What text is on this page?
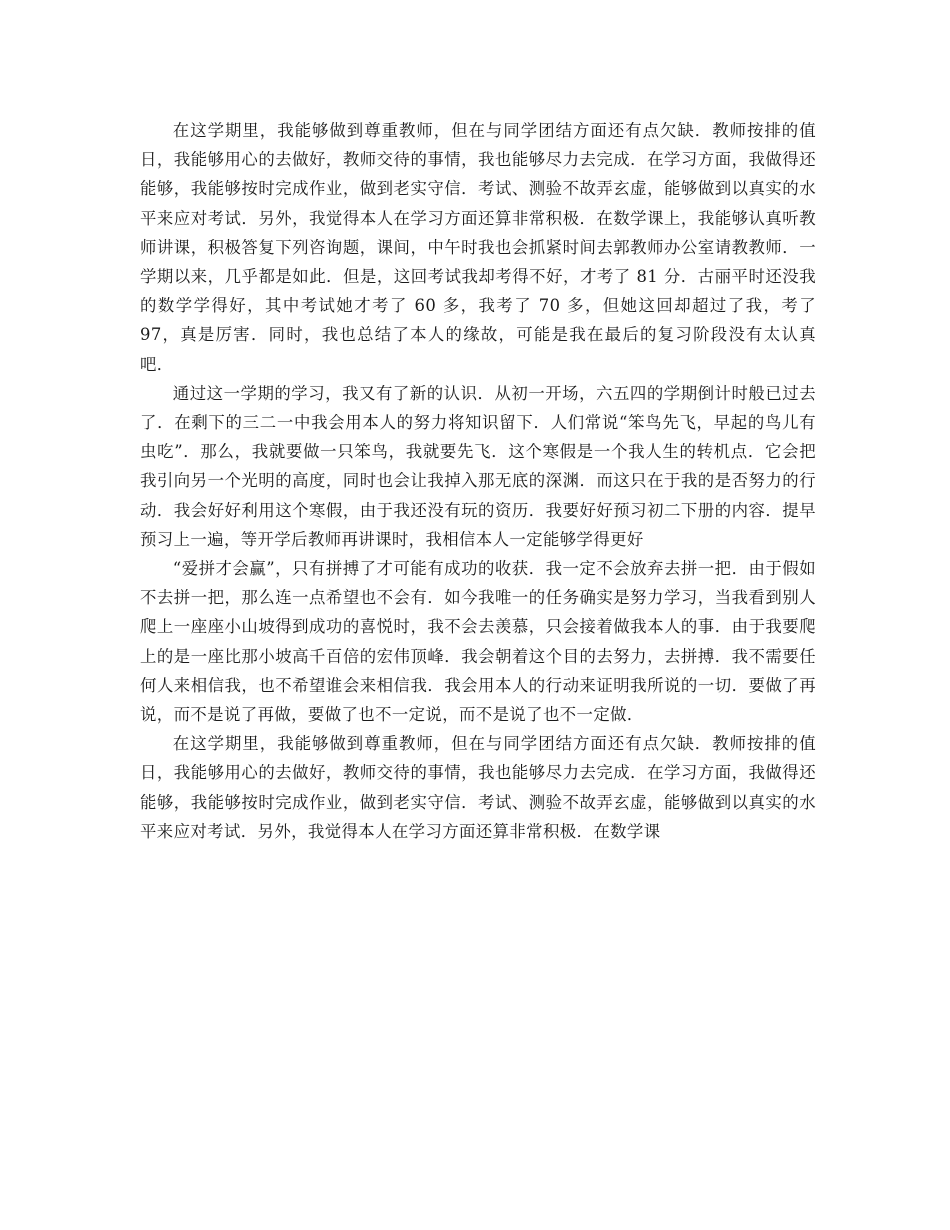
在这学期里，我能够做到尊重教师，但在与同学团结方面还有点欠缺．教师按排的值日，我能够用心的去做好，教师交待的事情，我也能够尽力去完成．在学习方面，我做得还能够，我能够按时完成作业，做到老实守信．考试、测验不故弄玄虚，能够做到以真实的水平来应对考试．另外，我觉得本人在学习方面还算非常积极．在数学课上，我能够认真听教师讲课，积极答复下列咨询题，课间，中午时我也会抓紧时间去郭教师办公室请教教师．一学期以来，几乎都是如此．但是，这回考试我却考得不好，才考了 81 分．古丽平时还没我的数学学得好，其中考试她才考了 60 多，我考了 70 多，但她这回却超过了我，考了 97，真是厉害．同时，我也总结了本人的缘故，可能是我在最后的复习阶段没有太认真吧．

通过这一学期的学习，我又有了新的认识．从初一开场，六五四的学期倒计时般已过去了．在剩下的三二一中我会用本人的努力将知识留下．人们常说“笨鸟先飞，早起的鸟儿有虫吃”．那么，我就要做一只笨鸟，我就要先飞．这个寒假是一个我人生的转机点．它会把我引向另一个光明的高度，同时也会让我掉入那无底的深渊．而这只在于我的是否努力的行动．我会好好利用这个寒假，由于我还没有玩的资历．我要好好预习初二下册的内容．提早预习上一遍，等开学后教师再讲课时，我相信本人一定能够学得更好

“爱拼才会赢”，只有拼搏了才可能有成功的收获．我一定不会放弃去拼一把．由于假如不去拼一把，那么连一点希望也不会有．如今我唯一的任务确实是努力学习，当我看到别人爬上一座座小山坡得到成功的喜悦时，我不会去羡慕，只会接着做我本人的事．由于我要爬上的是一座比那小坡高千百倍的宏伟顶峰．我会朝着这个目的去努力，去拼搏．我不需要任何人来相信我，也不希望谁会来相信我．我会用本人的行动来证明我所说的一切．要做了再说，而不是说了再做，要做了也不一定说，而不是说了也不一定做．

在这学期里，我能够做到尊重教师，但在与同学团结方面还有点欠缺．教师按排的值日，我能够用心的去做好，教师交待的事情，我也能够尽力去完成．在学习方面，我做得还能够，我能够按时完成作业，做到老实守信．考试、测验不故弄玄虚，能够做到以真实的水平来应对考试．另外，我觉得本人在学习方面还算非常积极．在数学课
